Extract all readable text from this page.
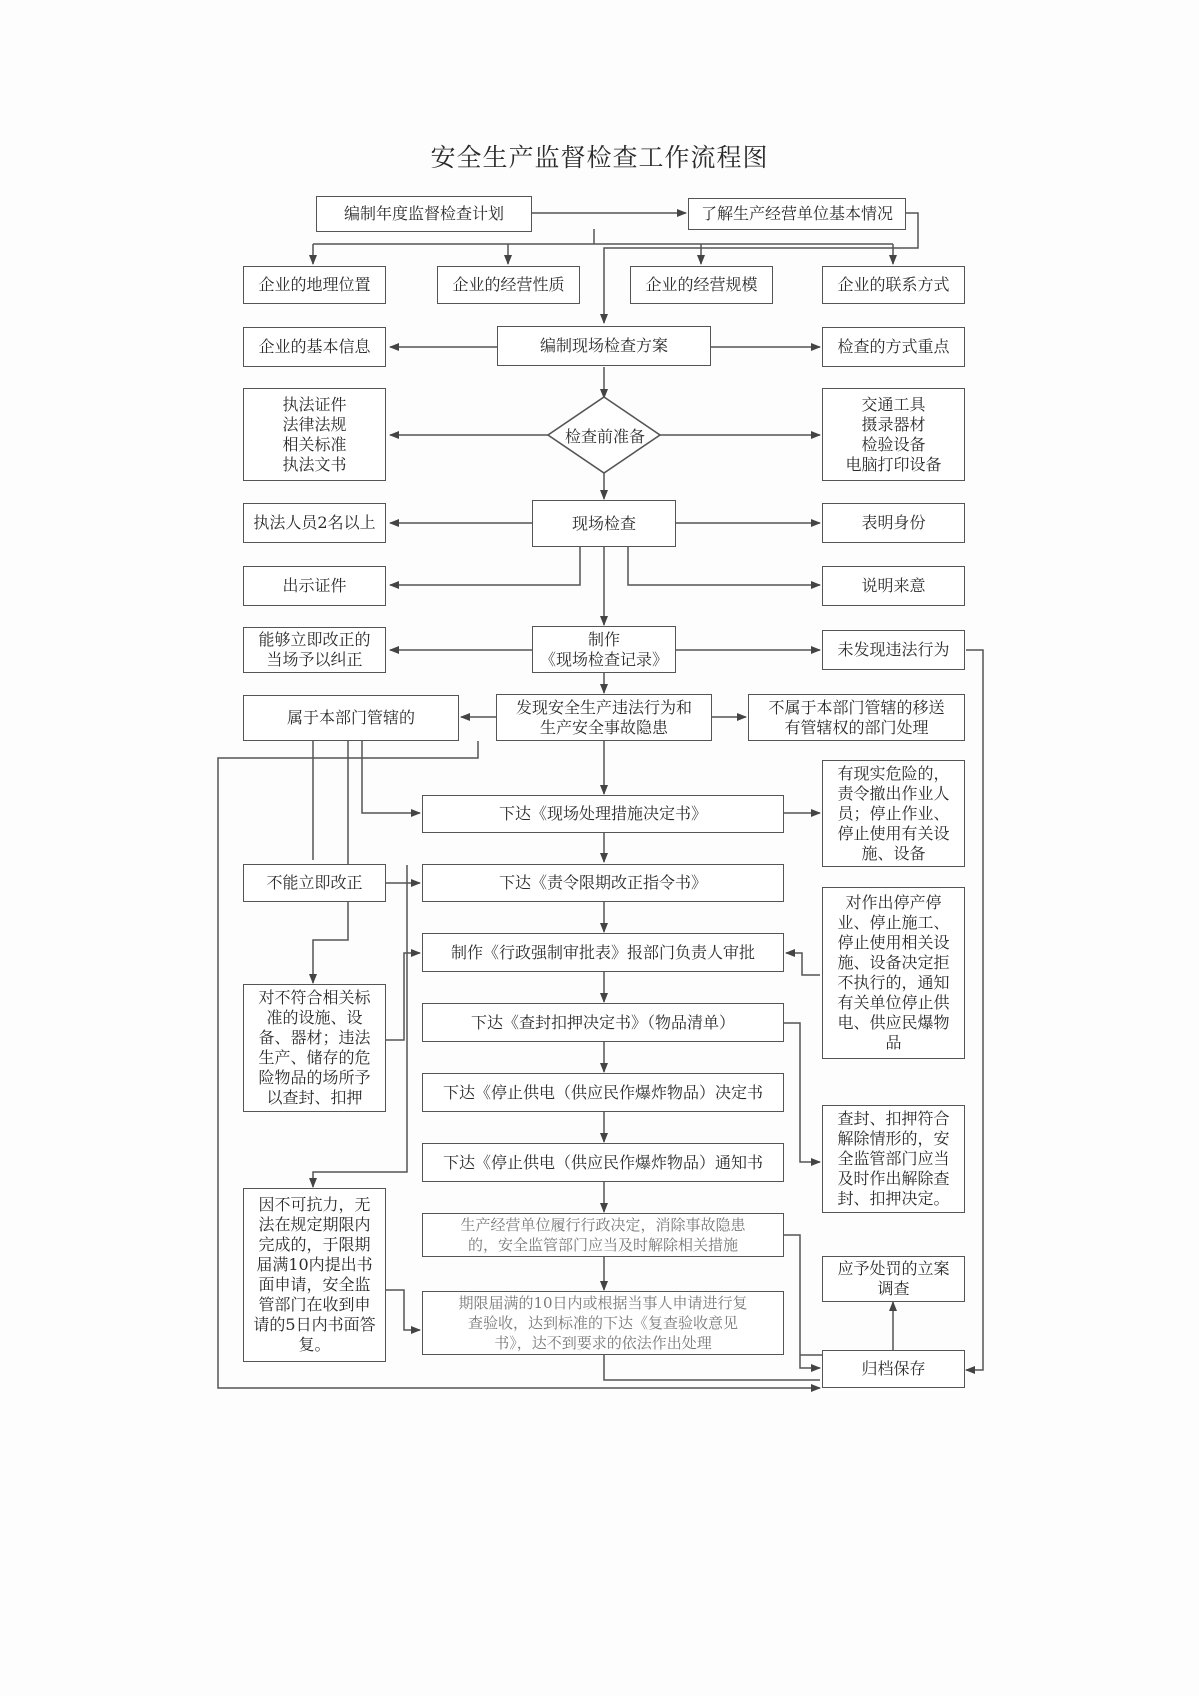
安全生产监督检查工作流程图
检查前准备
编制年度监督检查计划	了解生产经营单位基本情况
企业的地理位置	企业的经营性质	企业的经营规模	企业的联系方式
企业的基本信息	编制现场检查方案	检查的方式重点
执法证件
法律法规
相关标准
执法文书
交通工具
摄录器材
检验设备
电脑打印设备
执法人员2名以上	现场检查	表明身份
出示证件	说明来意
能够立即改正的
当场予以纠正
制作
《现场检查记录》	未发现违法行为
属于本部门管辖的
发现安全生产违法行为和
生产安全事故隐患
不属于本部门管辖的移送
有管辖权的部门处理
下达《现场处理措施决定书》
有现实危险的，
责令撤出作业人
员；停止作业、
停止使用有关设
施、设备
不能立即改正	下达《责令限期改正指令书》
对作出停产停
业、停止施工、
停止使用相关设
施、设备决定拒
不执行的，通知
有关单位停止供
电、供应民爆物
品
制作《行政强制审批表》报部门负责人审批
对不符合相关标
准的设施、设
备、器材；违法
生产、储存的危
险物品的场所予
以查封、扣押
下达《查封扣押决定书》（物品清单）
下达《停止供电（供应民作爆炸物品）决定书
查封、扣押符合
解除情形的，安
全监管部门应当
及时作出解除查
封、扣押决定。
下达《停止供电（供应民作爆炸物品）通知书
因不可抗力，无
法在规定期限内
完成的，于限期
届满10内提出书
面申请，安全监
管部门在收到申
请的5日内书面答
复。
生产经营单位履行行政决定，消除事故隐患
的，安全监管部门应当及时解除相关措施
应予处罚的立案
调查
期限届满的10日内或根据当事人申请进行复
查验收，达到标准的下达《复查验收意见
书》，达不到要求的依法作出处理
归档保存
